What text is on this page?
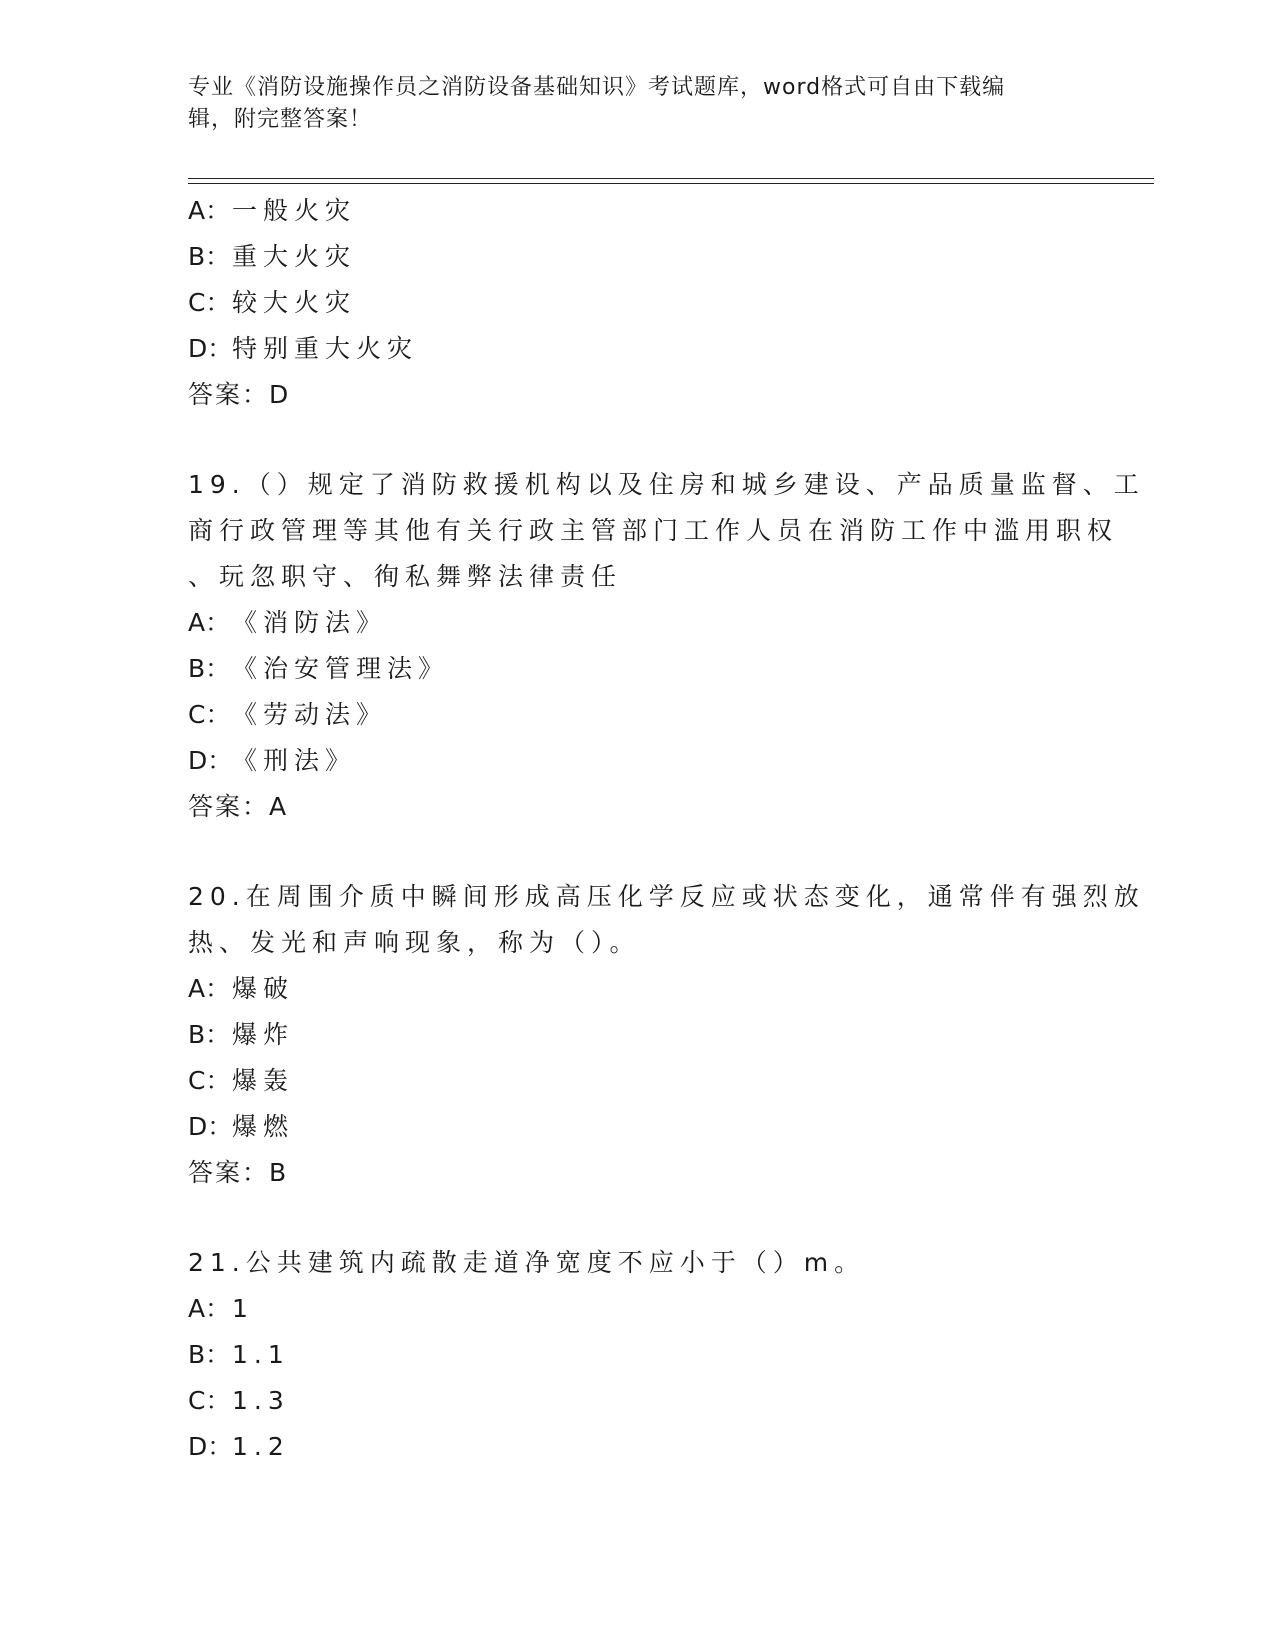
专业《消防设施操作员之消防设备基础知识》考试题库，word格式可自由下载编
辑，附完整答案！
A：一般火灾
B：重大火灾
C：较大火灾
D：特别重大火灾
答案：D
19.（）规定了消防救援机构以及住房和城乡建设、产品质量监督、工
商行政管理等其他有关行政主管部门工作人员在消防工作中滥用职权
、玩忽职守、徇私舞弊法律责任
A：《消防法》
B：《治安管理法》
C：《劳动法》
D：《刑法》
答案：A
20.在周围介质中瞬间形成高压化学反应或状态变化，通常伴有强烈放
热、发光和声响现象，称为（）。
A：爆破
B：爆炸
C：爆轰
D：爆燃
答案：B
21.公共建筑内疏散走道净宽度不应小于（）m。
A：1
B：1.1
C：1.3
D：1.2
